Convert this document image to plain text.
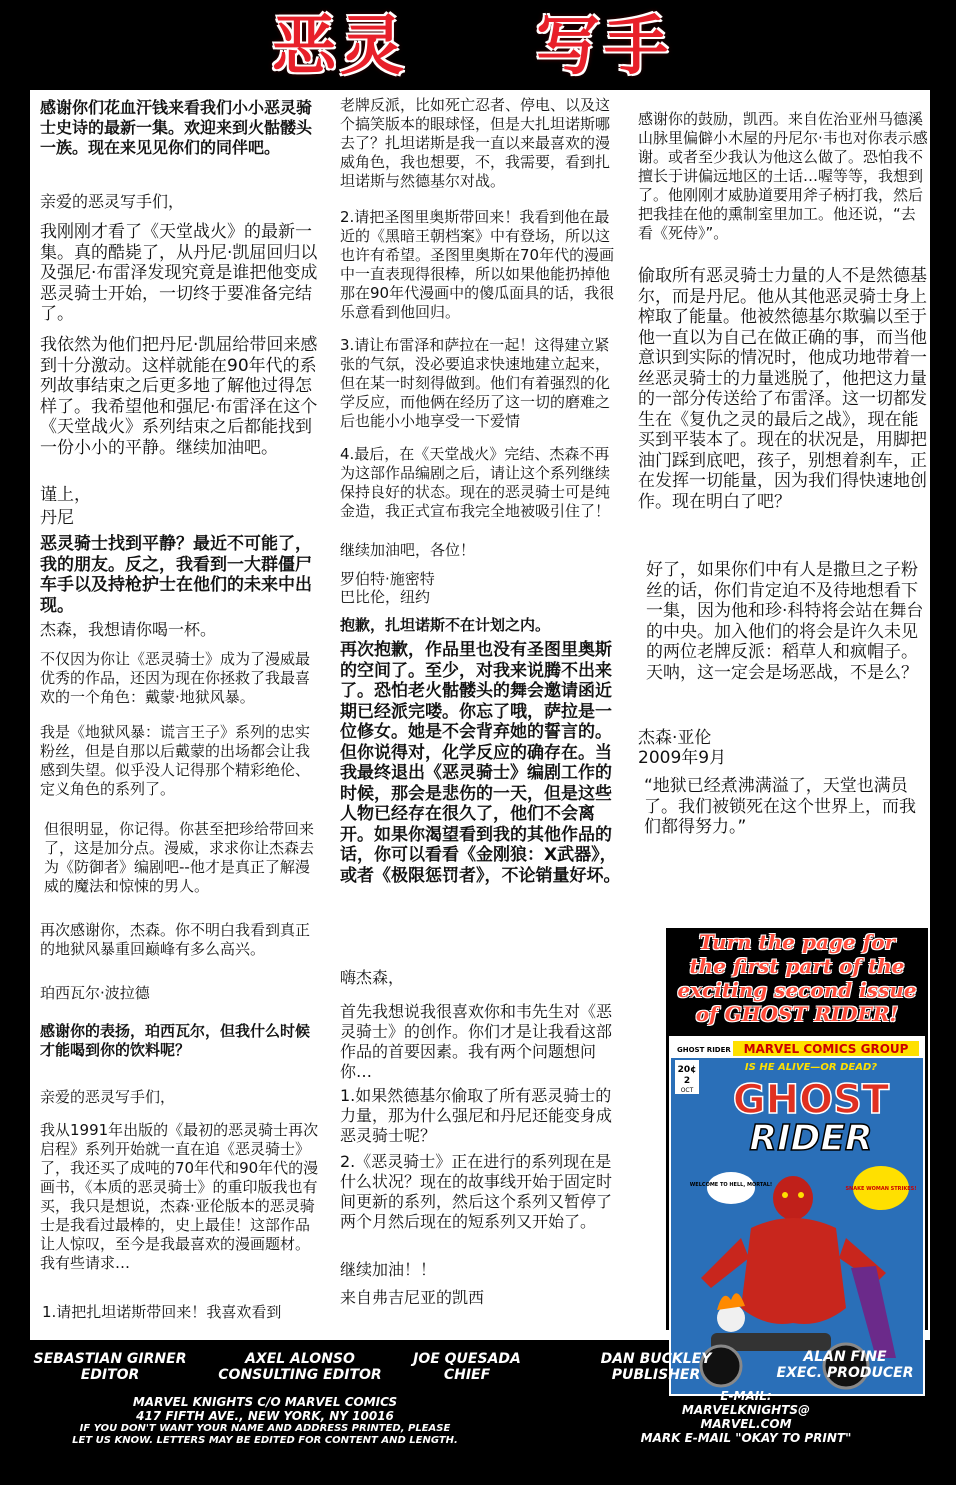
恶灵 写手

感谢你们花血汗钱来看我们小小恶灵骑士史诗的最新一集。欢迎来到火骷髅头一族。现在来见见你们的同伴吧。

亲爱的恶灵写手们，

我刚刚才看了《天堂战火》的最新一集。真的酷毙了，从丹尼·凯屈回归以及强尼·布雷泽发现究竟是谁把他变成恶灵骑士开始，一切终于要准备完结了。

我依然为他们把丹尼·凯屈给带回来感到十分激动。这样就能在90年代的系列故事结束之后更多地了解他过得怎样了。我希望他和强尼·布雷泽在这个《天堂战火》系列结束之后都能找到一份小小的平静。继续加油吧。

谨上，

丹尼

恶灵骑士找到平静？最近不可能了，我的朋友。反之，我看到一大群僵尸车手以及持枪护士在他们的未来中出现。

杰森，我想请你喝一杯。

不仅因为你让《恶灵骑士》成为了漫威最优秀的作品，还因为现在你拯救了我最喜欢的一个角色：戴蒙·地狱风暴。

我是《地狱风暴：谎言王子》系列的忠实粉丝，但是自那以后戴蒙的出场都会让我感到失望。似乎没人记得那个精彩绝伦、定义角色的系列了。

但很明显，你记得。你甚至把珍给带回来了，这是加分点。漫威，求求你让杰森去为《防御者》编剧吧--他才是真正了解漫威的魔法和惊悚的男人。

再次感谢你，杰森。你不明白我看到真正的地狱风暴重回巅峰有多么高兴。

珀西瓦尔·波拉德

感谢你的表扬，珀西瓦尔，但我什么时候才能喝到你的饮料呢？

亲爱的恶灵写手们，

我从1991年出版的《最初的恶灵骑士再次启程》系列开始就一直在追《恶灵骑士》了，我还买了成吨的70年代和90年代的漫画书，《本质的恶灵骑士》的重印版我也有买，我只是想说，杰森·亚伦版本的恶灵骑士是我看过最棒的，史上最佳！这部作品让人惊叹，至今是我最喜欢的漫画题材。我有些请求…

1.请把扎坦诺斯带回来！我喜欢看到

老牌反派，比如死亡忍者、停电、以及这个搞笑版本的眼球怪，但是大扎坦诺斯哪去了？扎坦诺斯是我一直以来最喜欢的漫威角色，我也想要，不，我需要，看到扎坦诺斯与然德基尔对战。

2.请把圣图里奥斯带回来！我看到他在最近的《黑暗王朝档案》中有登场，所以这也许有希望。圣图里奥斯在70年代的漫画中一直表现得很棒，所以如果他能扔掉他那在90年代漫画中的傻瓜面具的话，我很乐意看到他回归。

3.请让布雷泽和萨拉在一起！这得建立紧张的气氛，没必要追求快速地建立起来，但在某一时刻得做到。他们有着强烈的化学反应，而他俩在经历了这一切的磨难之后也能小小地享受一下爱情

4.最后，在《天堂战火》完结、杰森不再为这部作品编剧之后，请让这个系列继续保持良好的状态。现在的恶灵骑士可是纯金造，我正式宣布我完全地被吸引住了！

继续加油吧，各位！

罗伯特·施密特

巴比伦，纽约

抱歉，扎坦诺斯不在计划之内。

再次抱歉，作品里也没有圣图里奥斯的空间了。至少，对我来说腾不出来了。恐怕老火骷髅头的舞会邀请函近期已经派完喽。你忘了哦，萨拉是一位修女。她是不会背弃她的誓言的。但你说得对，化学反应的确存在。当我最终退出《恶灵骑士》编剧工作的时候，那会是悲伤的一天，但是这些人物已经存在很久了，他们不会离开。如果你渴望看到我的其他作品的话，你可以看看《金刚狼：X武器》，或者《极限惩罚者》，不论销量好坏。

嗨杰森，

首先我想说我很喜欢你和韦先生对《恶灵骑士》的创作。你们才是让我看这部作品的首要因素。我有两个问题想问你…

1.如果然德基尔偷取了所有恶灵骑士的力量，那为什么强尼和丹尼还能变身成恶灵骑士呢？

2.《恶灵骑士》正在进行的系列现在是什么状况？现在的故事线开始于固定时间更新的系列，然后这个系列又暂停了两个月然后现在的短系列又开始了。

继续加油！！

来自弗吉尼亚的凯西

感谢你的鼓励，凯西。来自佐治亚州马德溪山脉里偏僻小木屋的丹尼尔·韦也对你表示感谢。或者至少我认为他这么做了。恐怕我不擅长于讲偏远地区的土话…喔等等，我想到了。他刚刚才威胁道要用斧子柄打我，然后把我挂在他的熏制室里加工。他还说，“去看《死侍》”。

偷取所有恶灵骑士力量的人不是然德基尔，而是丹尼。他从其他恶灵骑士身上榨取了能量。他被然德基尔欺骗以至于他一直以为自己在做正确的事，而当他意识到实际的情况时，他成功地带着一丝恶灵骑士的力量逃脱了，他把这力量的一部分传送给了布雷泽。这一切都发生在《复仇之灵的最后之战》，现在能买到平装本了。现在的状况是，用脚把油门踩到底吧，孩子，别想着刹车，正在发挥一切能量，因为我们得快速地创作。现在明白了吧？

好了，如果你们中有人是撒旦之子粉丝的话，你们肯定迫不及待地想看下一集，因为他和珍·科特将会站在舞台的中央。加入他们的将会是许久未见的两位老牌反派：稻草人和疯帽子。天呐，这一定会是场恶战，不是么？

杰森·亚伦

2009年9月

“地狱已经煮沸满溢了，天堂也满员了。我们被锁死在这个世界上，而我们都得努力。”

Turn the page for
the first part of the
exciting second issue
of GHOST RIDER!
GHOST RIDER MARVEL COMICS GROUP
20¢
2
OCT
IS HE ALIVE—OR DEAD?
GHOST
RIDER
WELCOME TO HELL, MORTAL!
SNAKE WOMAN STRIKES!
SEBASTIAN GIRNER
EDITOR
AXEL ALONSO
CONSULTING EDITOR
JOE QUESADA
CHIEF
DAN BUCKLEY
PUBLISHER
ALAN FINE
EXEC. PRODUCER
MARVEL KNIGHTS C/O MARVEL COMICS
417 FIFTH AVE., NEW YORK, NY 10016
IF YOU DON'T WANT YOUR NAME AND ADDRESS PRINTED, PLEASE
LET US KNOW. LETTERS MAY BE EDITED FOR CONTENT AND LENGTH.
E-MAIL:
MARVELKNIGHTS@
MARVEL.COM
MARK E-MAIL "OKAY TO PRINT"
